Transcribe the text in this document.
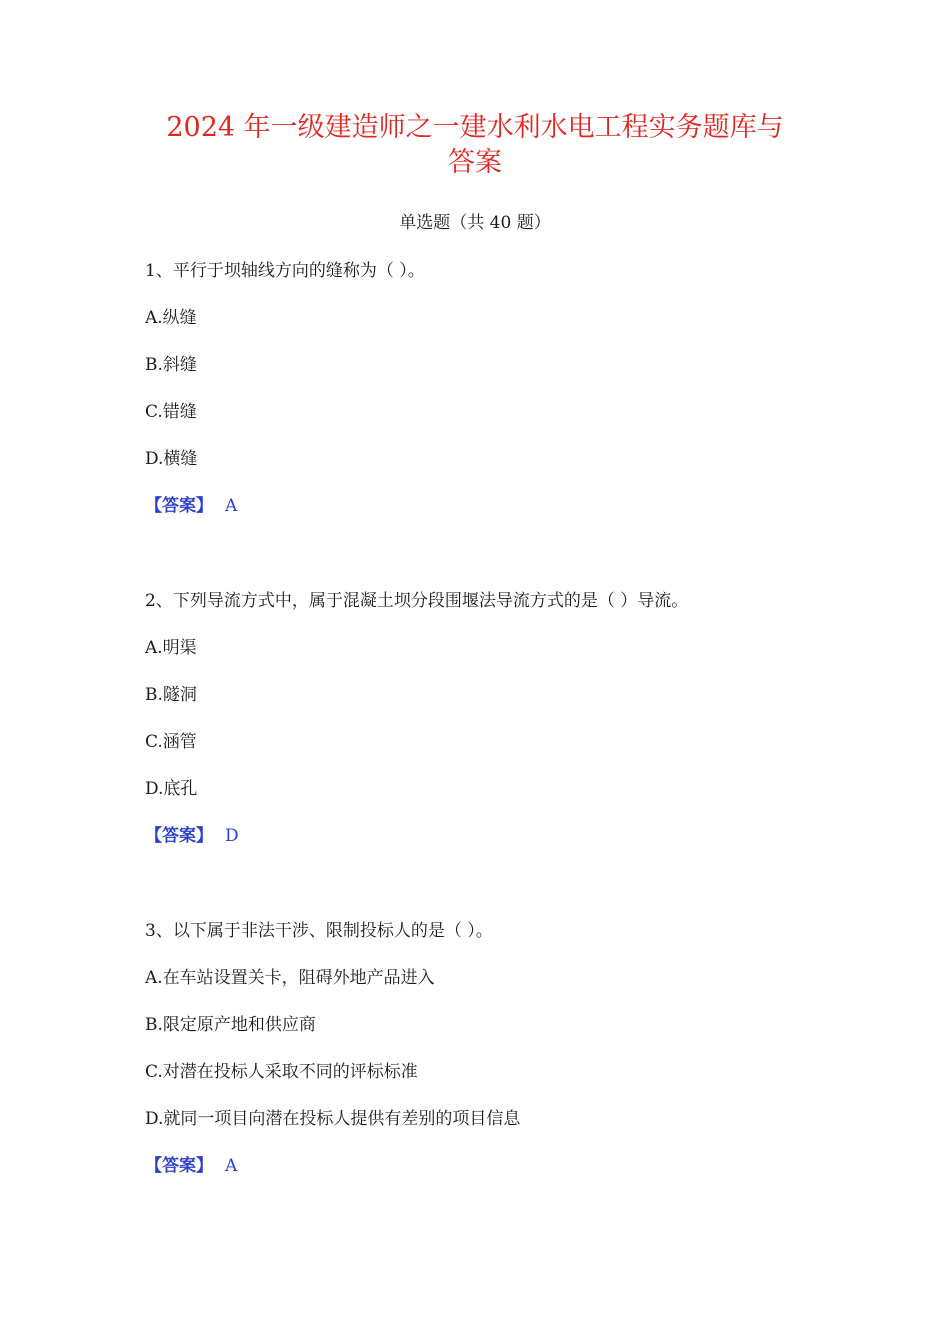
2024 年一级建造师之一建水利水电工程实务题库与
答案
单选题（共 40 题）
1、平行于坝轴线方向的缝称为（ ）。
A.纵缝
B.斜缝
C.错缝
D.横缝
【答案】 A
2、下列导流方式中，属于混凝土坝分段围堰法导流方式的是（ ）导流。
A.明渠
B.隧洞
C.涵管
D.底孔
【答案】 D
3、以下属于非法干涉、限制投标人的是（ ）。
A.在车站设置关卡，阻碍外地产品进入
B.限定原产地和供应商
C.对潜在投标人采取不同的评标标准
D.就同一项目向潜在投标人提供有差别的项目信息
【答案】 A
